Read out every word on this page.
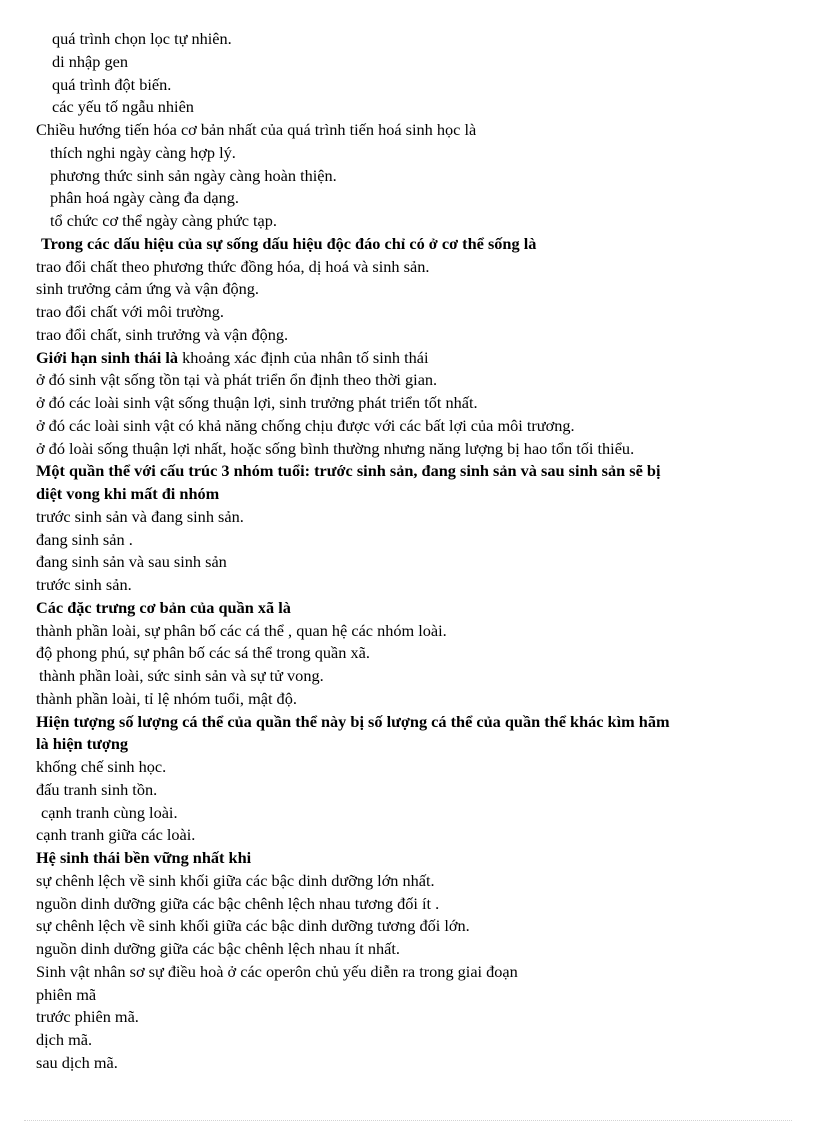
quá trình chọn lọc tự nhiên.
di nhập gen
quá trình đột biến.
các yếu tố ngẫu nhiên
Chiều hướng tiến hóa cơ bản nhất của quá trình tiến hoá sinh học là
thích nghi ngày càng hợp lý.
phương thức sinh sản ngày càng hoàn thiện.
phân hoá ngày càng đa dạng.
tổ chức cơ thể ngày càng phức tạp.
Trong các dấu hiệu của sự sống dấu hiệu độc đáo chỉ có ở cơ thể sống là
trao đổi chất theo phương thức đồng hóa, dị hoá và sinh sản.
sinh trưởng cảm ứng và vận động.
trao đổi chất với môi trường.
trao đổi chất, sinh trưởng và vận động.
Giới hạn sinh thái là khoảng xác định của nhân tố sinh thái
ở đó sinh vật sống tồn tại và phát triển ổn định theo thời gian.
ở đó các loài sinh vật sống thuận lợi, sinh trưởng phát triển tốt nhất.
ở đó các loài sinh vật có khả năng chống chịu được với các bất lợi của môi trương.
ở đó loài sống thuận lợi nhất, hoặc sống bình thường nhưng năng lượng bị hao tổn tối thiểu.
Một quần thể với cấu trúc 3 nhóm tuổi: trước sinh sản, đang sinh sản và sau sinh sản sẽ bị
diệt vong khi mất đi nhóm
trước sinh sản và đang sinh sản.
đang sinh sản .
đang sinh sản và sau sinh sản
trước sinh sản.
Các đặc trưng cơ bản của quần xã là
thành phần loài, sự phân bố các cá thể , quan hệ các nhóm loài.
độ phong phú, sự phân bố các sá thể trong quần xã.
thành phần loài, sức sinh sản và sự tử vong.
thành phần loài, tỉ lệ nhóm tuổi, mật độ.
Hiện tượng số lượng cá thể của quần thể này bị số lượng cá thể của quần thể khác kìm hãm
là hiện tượng
khống chế sinh học.
đấu tranh sinh tồn.
cạnh tranh cùng loài.
cạnh tranh giữa các loài.
Hệ sinh thái bền vững nhất khi
sự chênh lệch về sinh khối giữa các bậc dinh dưỡng lớn nhất.
nguồn dinh dưỡng giữa các bậc chênh lệch nhau tương đối ít .
sự chênh lệch về sinh khối giữa các bậc dinh dưỡng tương đối lớn.
nguồn dinh dưỡng giữa các bậc chênh lệch nhau ít nhất.
Sinh vật nhân sơ sự điều hoà ở các operôn chủ yếu diễn ra trong giai đoạn
phiên mã
trước phiên mã.
dịch mã.
sau dịch mã.
